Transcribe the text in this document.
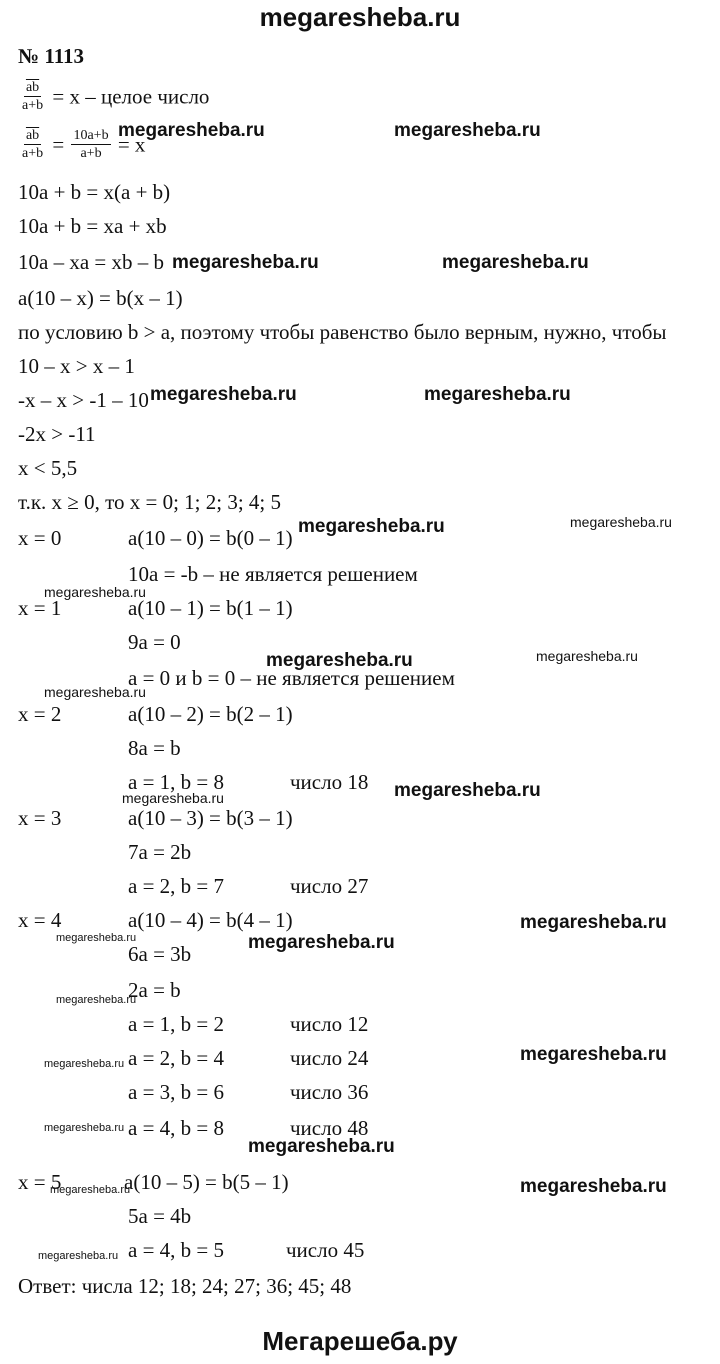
megaresheba.ru
Мегарешеба.ру
№ 1113
$\frac{\overline{ab}}{a+b} = x$ – целое число
$\frac{\overline{ab}}{a+b} = \frac{10a+b}{a+b} = x$
10a + b = x(a + b)
10a + b = xa + xb
10a – xa = xb – b
a(10 – x) = b(x – 1)
по условию b > a, поэтому чтобы равенство было верным, нужно, чтобы
10 – x > x – 1
-x – x > -1 – 10
-2x > -11
x < 5,5
т.к. x ≥ 0, то x = 0; 1; 2; 3; 4; 5
x = 0	a(10 – 0) = b(0 – 1)
10a = -b – не является решением
x = 1	a(10 – 1) = b(1 – 1)
9a = 0
a = 0 и b = 0 – не является решением
x = 2	a(10 – 2) = b(2 – 1)
8a = b
a = 1, b = 8	число 18
x = 3	a(10 – 3) = b(3 – 1)
7a = 2b
a = 2, b = 7	число 27
x = 4	a(10 – 4) = b(4 – 1)
6a = 3b
2a = b
a = 1, b = 2	число 12
a = 2, b = 4	число 24
a = 3, b = 6	число 36
a = 4, b = 8	число 48
x = 5	a(10 – 5) = b(5 – 1)
5a = 4b
a = 4, b = 5	число 45
Ответ: числа 12; 18; 24; 27; 36; 45; 48
megaresheba.ru	megaresheba.ru
megaresheba.ru	megaresheba.ru
megaresheba.ru	megaresheba.ru
megaresheba.ru	megaresheba.ru
megaresheba.ru
megaresheba.ru	megaresheba.ru
megaresheba.ru
megaresheba.ru
megaresheba.ru
megaresheba.ru
megaresheba.ru	megaresheba.ru
megaresheba.ru
megaresheba.ru
megaresheba.ru
megaresheba.ru
megaresheba.ru
megaresheba.ru
megaresheba.ru
megaresheba.ru
